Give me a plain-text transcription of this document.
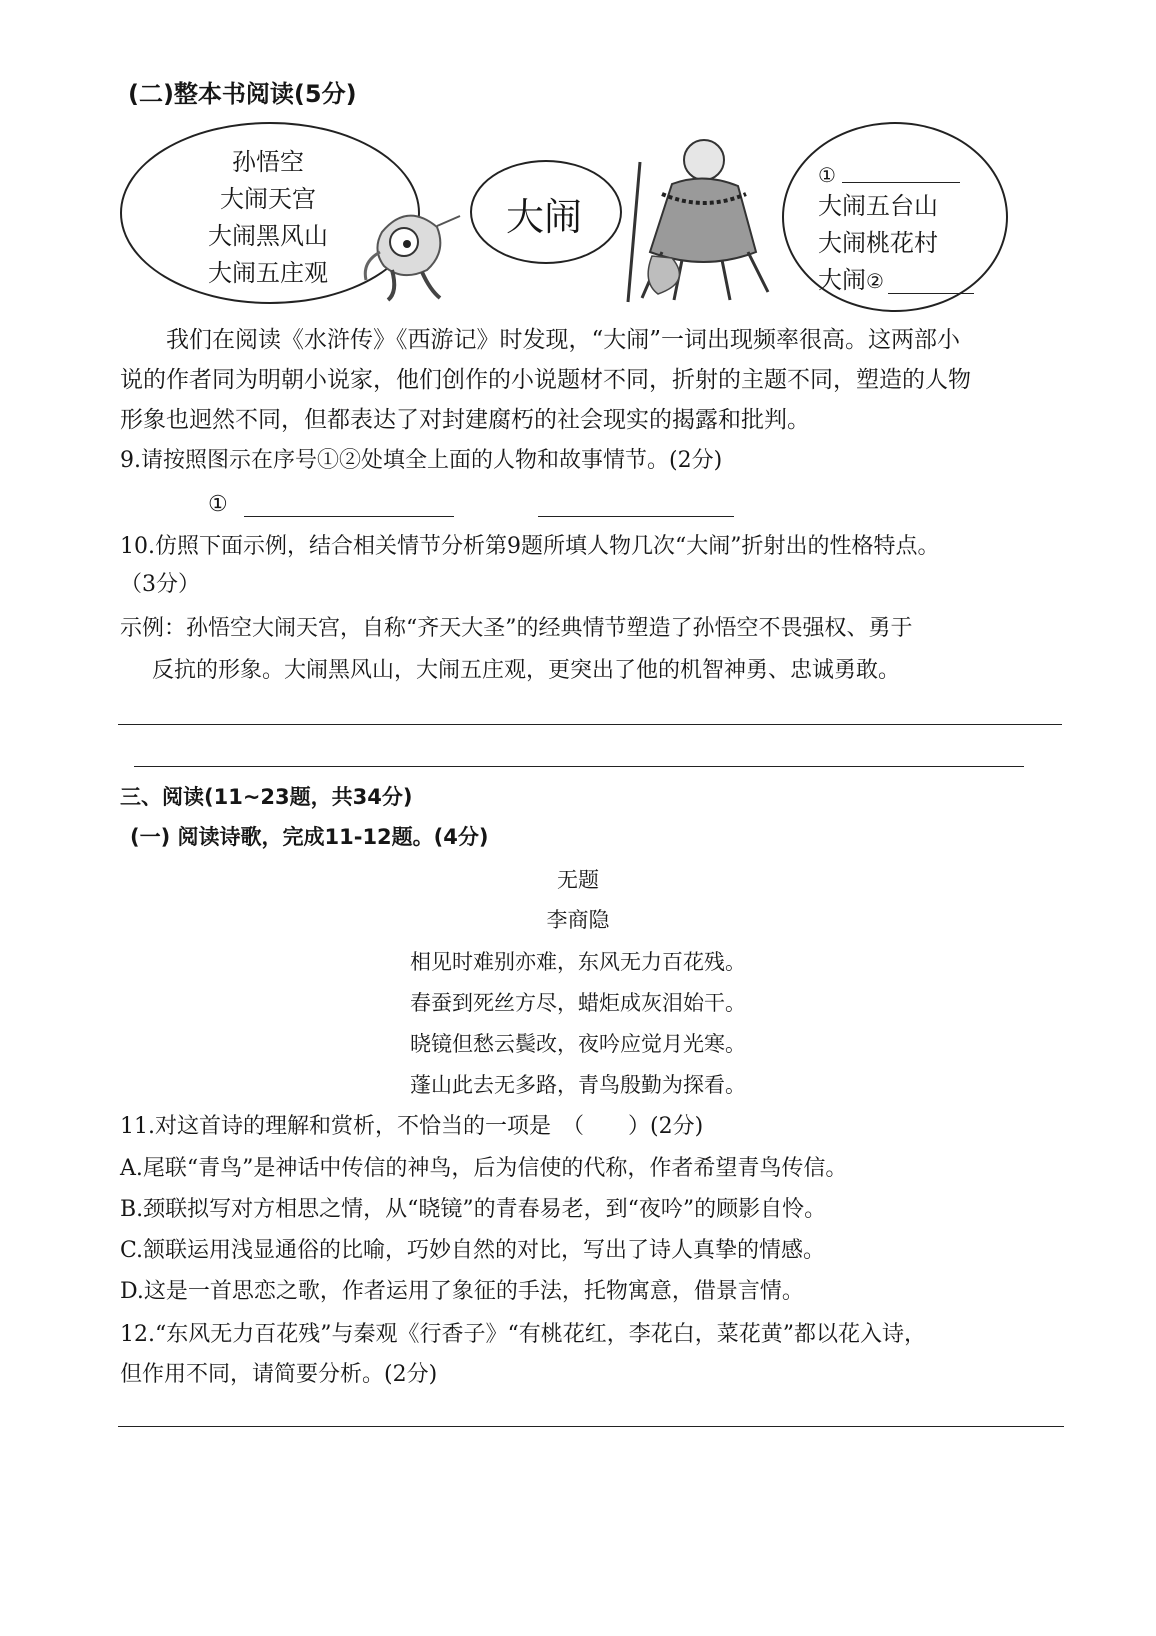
(二)整本书阅读(5分)
孙悟空
大闹天宫
大闹黑风山
大闹五庄观
大闹
①
大闹五台山
大闹桃花村
大闹②
我们在阅读《水浒传》《西游记》时发现，“大闹”一词出现频率很高。这两部小
说的作者同为明朝小说家，他们创作的小说题材不同，折射的主题不同，塑造的人物
形象也迥然不同，但都表达了对封建腐朽的社会现实的揭露和批判。
9.请按照图示在序号①②处填全上面的人物和故事情节。(2分)
①
10.仿照下面示例，结合相关情节分析第9题所填人物几次“大闹”折射出的性格特点。
（3分）
示例：孙悟空大闹天宫，自称“齐天大圣”的经典情节塑造了孙悟空不畏强权、勇于
反抗的形象。大闹黑风山，大闹五庄观，更突出了他的机智神勇、忠诚勇敢。
三、阅读(11~23题，共34分)
(一) 阅读诗歌，完成11-12题。(4分)
无题
李商隐
相见时难别亦难，东风无力百花残。
春蚕到死丝方尽，蜡炬成灰泪始干。
晓镜但愁云鬓改，夜吟应觉月光寒。
蓬山此去无多路，青鸟殷勤为探看。
11.对这首诗的理解和赏析，不恰当的一项是　（　　）(2分)
A.尾联“青鸟”是神话中传信的神鸟，后为信使的代称，作者希望青鸟传信。
B.颈联拟写对方相思之情，从“晓镜”的青春易老，到“夜吟”的顾影自怜。
C.颔联运用浅显通俗的比喻，巧妙自然的对比，写出了诗人真挚的情感。
D.这是一首思恋之歌，作者运用了象征的手法，托物寓意，借景言情。
12.“东风无力百花残”与秦观《行香子》“有桃花红，李花白，菜花黄”都以花入诗，
但作用不同，请简要分析。(2分)
